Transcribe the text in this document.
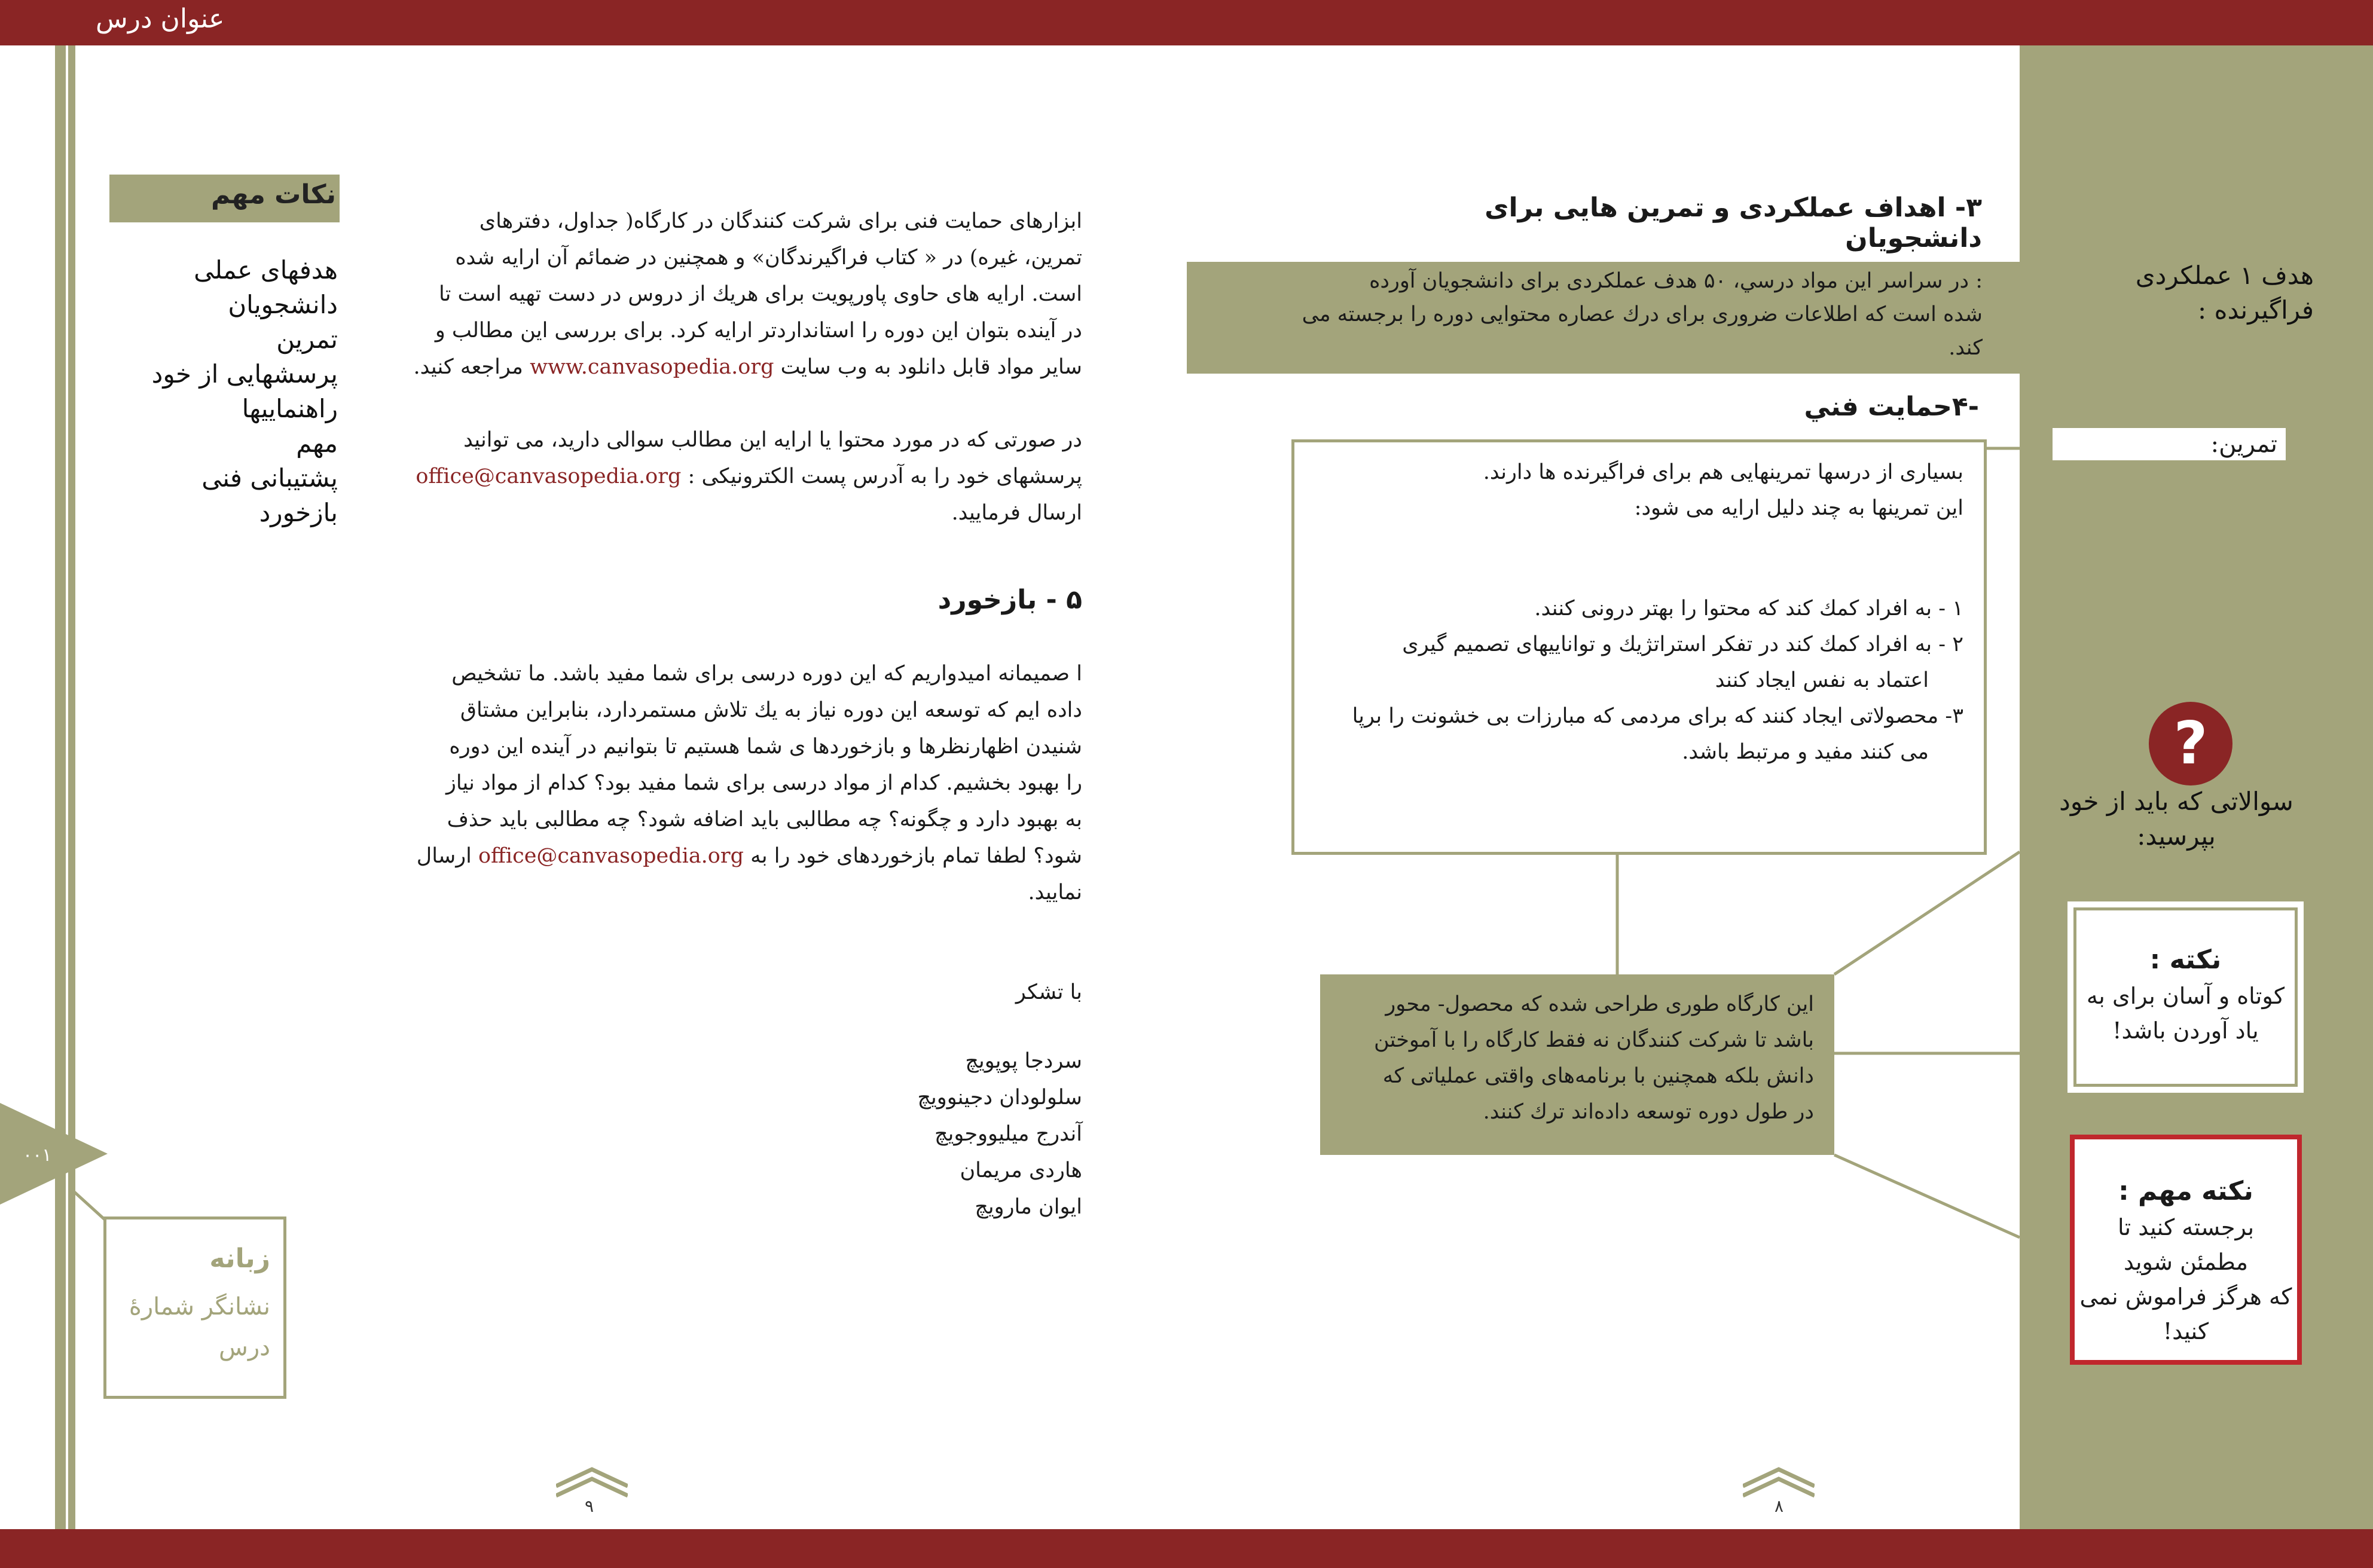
عنوان درس
نكات مهم
هدفهای عملی دانشجويان
تمرين
پرسشهايی از خود
راهنمايیها
مهم
پشتيبانی فنی
بازخورد
ابزارهای حمايت فنی برای شركت كنندگان در كارگاه( جداول، دفترهای
تمرين، غيره) در « كتاب فراگيرندگان» و همچنين در ضمائم آن ارايه شده
است. ارايه های حاوی پاورپويت برای هريك از دروس در دست تهيه است تا
در آينده بتوان اين دوره را استانداردتر ارايه كرد. برای بررسی اين مطالب و
ساير مواد قابل دانلود به وب سايت www.canvasopedia.org مراجعه كنيد.
در صورتی كه در مورد محتوا يا ارايه اين مطالب سوالی داريد، می توانيد
پرسشهای خود را به آدرس پست الكترونيكی : office@canvasopedia.org
ارسال فرماييد.
۵ - بازخورد
ا صميمانه اميدواريم كه اين دوره درسی برای شما مفيد باشد. ما تشخيص
داده ايم كه توسعه اين دوره نياز به يك تلاش مستمردارد، بنابراين مشتاق
شنيدن اظهارنظرها و بازخوردها ی شما هستيم تا بتوانيم در آينده اين دوره
را بهبود بخشيم. كدام از مواد درسی برای شما مفيد بود؟ كدام از مواد نياز
به بهبود دارد و چگونه؟ چه مطالبی بايد اضافه شود؟ چه مطالبی بايد حذف
شود؟ لطفا تمام بازخوردهای خود را به office@canvasopedia.org ارسال
نماييد.
با تشكر
سردجا پوپويچ
سلولودان دجينوويچ
آندرج ميلیووجويچ
هاردی مريمان
ايوان مارويچ
۰۰۱
زبانه
نشانگر شمارهٔ
درس
۹
۳- اهداف عملكردی و تمرين هايی برای دانشجويان
: در سراسر اين مواد درسي، ۵۰ هدف عملكردی برای دانشجويان آورده
شده است كه اطلاعات ضروری برای درك عصاره محتوايی دوره را برجسته می
كند.
-۴حمايت فني
بسياری از درسها تمرينهايی هم برای فراگيرنده ها دارند.
اين تمرينها به چند دليل ارايه می شود:
۱ - به افراد كمك كند كه محتوا را بهتر درونی كنند.
۲ - به افراد كمك كند در تفكر استراتژيك و تواناييهای تصميم گيری
اعتماد به نفس ايجاد كنند
۳- محصولاتی ايجاد كنند كه برای مردمی كه مبارزات بی خشونت را برپا
می كنند مفيد و مرتبط باشد.
اين كارگاه طوری طراحی شده كه محصول- محور
باشد تا شركت كنندگان نه فقط كارگاه را با آموختن
دانش بلكه همچنين با برنامه‌های واقتی عملياتی كه
در طول دوره توسعه داده‌اند ترك كنند.
۸
هدف ۱ عملكردی
فراگيرنده :
تمرين:
?
سوالاتی كه بايد از خود
بپرسيد:
نكته :
كوتاه و آسان برای به
ياد آوردن باشد!
نكته مهم :
برجسته كنيد تا
مطمئن شويد
كه هرگز فراموش نمی
كنيد!
